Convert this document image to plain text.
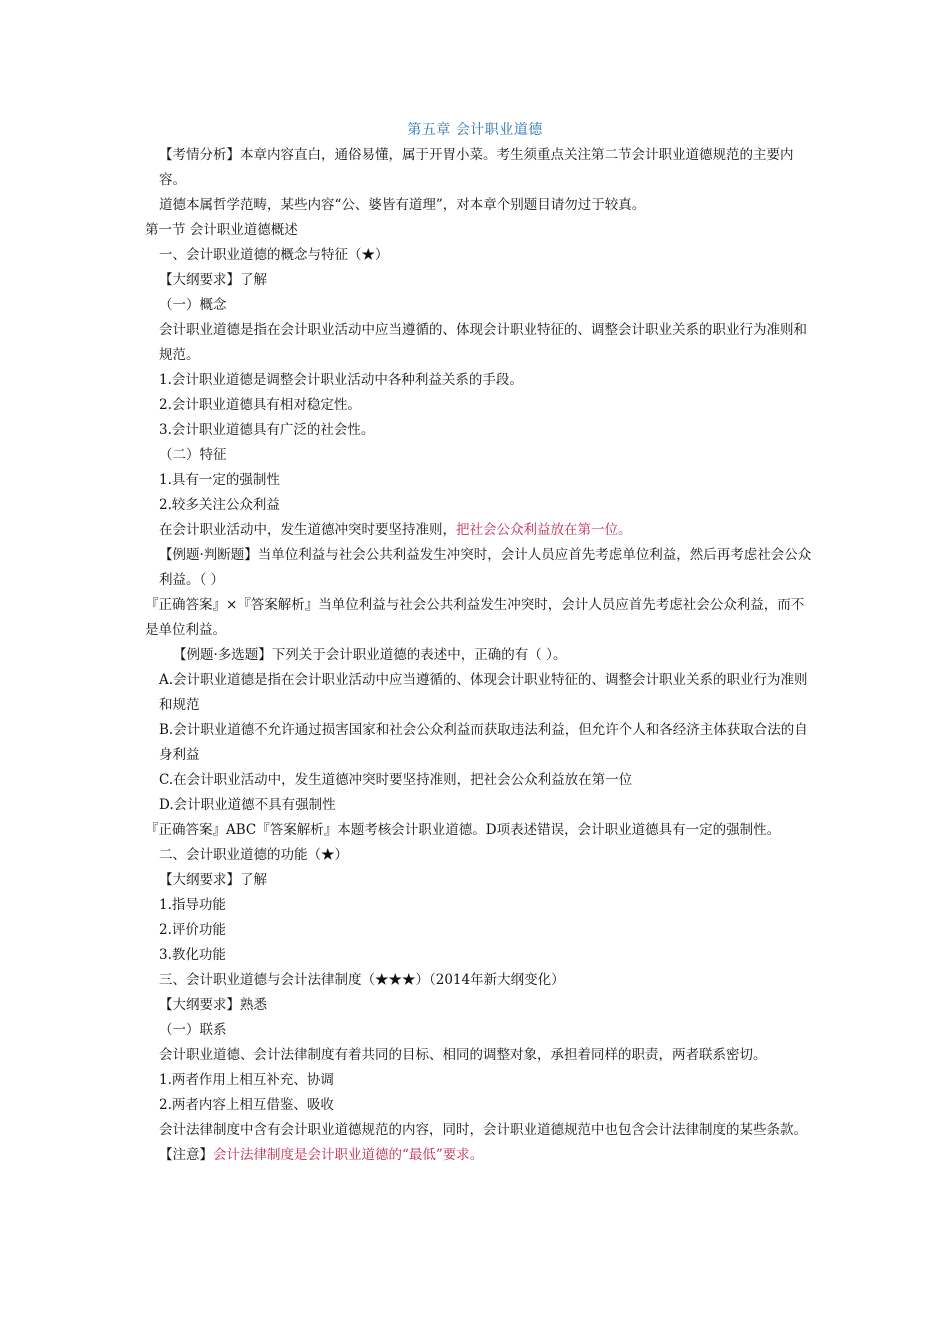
第五章 会计职业道德

【考情分析】本章内容直白，通俗易懂，属于开胃小菜。考生须重点关注第二节会计职业道德规范的主要内容。

道德本属哲学范畴，某些内容“公、婆皆有道理”，对本章个别题目请勿过于较真。

第一节 会计职业道德概述

一、会计职业道德的概念与特征（★）

【大纲要求】了解

（一）概念

会计职业道德是指在会计职业活动中应当遵循的、体现会计职业特征的、调整会计职业关系的职业行为准则和规范。

1.会计职业道德是调整会计职业活动中各种利益关系的手段。

2.会计职业道德具有相对稳定性。

3.会计职业道德具有广泛的社会性。

（二）特征

1.具有一定的强制性

2.较多关注公众利益

在会计职业活动中，发生道德冲突时要坚持准则，把社会公众利益放在第一位。

【例题·判断题】当单位利益与社会公共利益发生冲突时，会计人员应首先考虑单位利益，然后再考虑社会公众利益。（ ）

『正确答案』×『答案解析』当单位利益与社会公共利益发生冲突时，会计人员应首先考虑社会公众利益，而不是单位利益。

【例题·多选题】下列关于会计职业道德的表述中，正确的有（ ）。

A.会计职业道德是指在会计职业活动中应当遵循的、体现会计职业特征的、调整会计职业关系的职业行为准则和规范

B.会计职业道德不允许通过损害国家和社会公众利益而获取违法利益，但允许个人和各经济主体获取合法的自身利益

C.在会计职业活动中，发生道德冲突时要坚持准则，把社会公众利益放在第一位

D.会计职业道德不具有强制性

『正确答案』ABC『答案解析』本题考核会计职业道德。D项表述错误，会计职业道德具有一定的强制性。

二、会计职业道德的功能（★）

【大纲要求】了解

1.指导功能

2.评价功能

3.教化功能

三、会计职业道德与会计法律制度（★★★）（2014年新大纲变化）

【大纲要求】熟悉

（一）联系

会计职业道德、会计法律制度有着共同的目标、相同的调整对象，承担着同样的职责，两者联系密切。

1.两者作用上相互补充、协调

2.两者内容上相互借鉴、吸收

会计法律制度中含有会计职业道德规范的内容，同时，会计职业道德规范中也包含会计法律制度的某些条款。

【注意】会计法律制度是会计职业道德的“最低”要求。
